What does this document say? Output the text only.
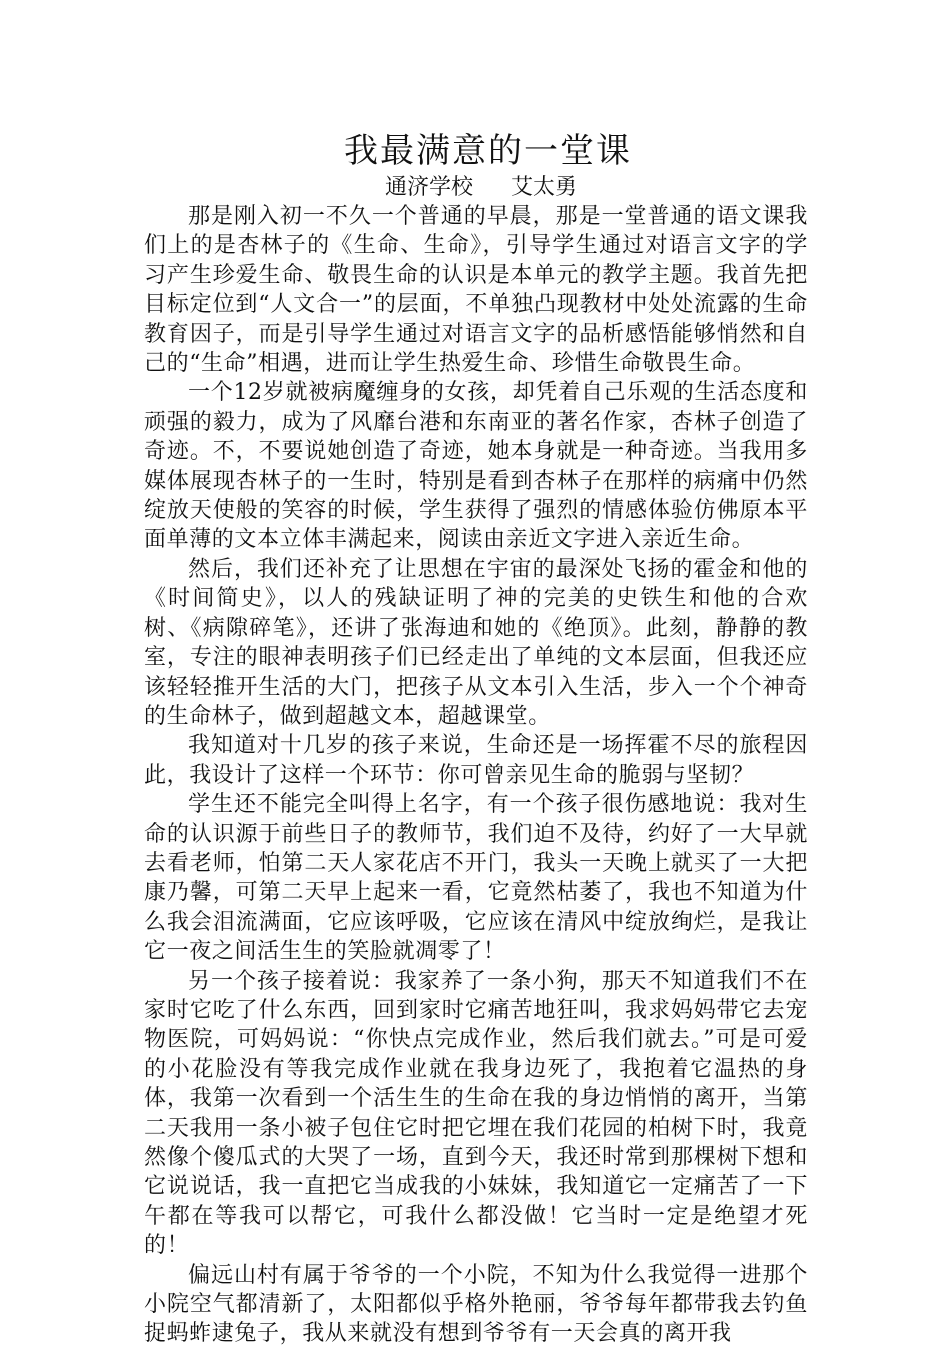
我最满意的一堂课

通济学校 艾太勇

那是刚入初一不久一个普通的早晨，那是一堂普通的语文课我们上的是杏林子的《生命、生命》，引导学生通过对语言文字的学习产生珍爱生命、敬畏生命的认识是本单元的教学主题。我首先把目标定位到“人文合一”的层面，不单独凸现教材中处处流露的生命教育因子，而是引导学生通过对语言文字的品析感悟能够悄然和自己的“生命”相遇，进而让学生热爱生命、珍惜生命敬畏生命。

一个12岁就被病魔缠身的女孩，却凭着自己乐观的生活态度和顽强的毅力，成为了风靡台港和东南亚的著名作家，杏林子创造了奇迹。不，不要说她创造了奇迹，她本身就是一种奇迹。当我用多媒体展现杏林子的一生时，特别是看到杏林子在那样的病痛中仍然绽放天使般的笑容的时候，学生获得了强烈的情感体验仿佛原本平面单薄的文本立体丰满起来，阅读由亲近文字进入亲近生命。

然后，我们还补充了让思想在宇宙的最深处飞扬的霍金和他的《时间简史》，以人的残缺证明了神的完美的史铁生和他的合欢树、《病隙碎笔》，还讲了张海迪和她的《绝顶》。此刻，静静的教室，专注的眼神表明孩子们已经走出了单纯的文本层面，但我还应该轻轻推开生活的大门，把孩子从文本引入生活，步入一个个神奇的生命林子，做到超越文本，超越课堂。

我知道对十几岁的孩子来说，生命还是一场挥霍不尽的旅程因此，我设计了这样一个环节：你可曾亲见生命的脆弱与坚韧？

学生还不能完全叫得上名字，有一个孩子很伤感地说：我对生命的认识源于前些日子的教师节，我们迫不及待，约好了一大早就去看老师，怕第二天人家花店不开门，我头一天晚上就买了一大把康乃馨，可第二天早上起来一看，它竟然枯萎了，我也不知道为什么我会泪流满面，它应该呼吸，它应该在清风中绽放绚烂，是我让它一夜之间活生生的笑脸就凋零了！

另一个孩子接着说：我家养了一条小狗，那天不知道我们不在家时它吃了什么东西，回到家时它痛苦地狂叫，我求妈妈带它去宠物医院，可妈妈说：“你快点完成作业，然后我们就去。”可是可爱的小花脸没有等我完成作业就在我身边死了，我抱着它温热的身体，我第一次看到一个活生生的生命在我的身边悄悄的离开，当第二天我用一条小被子包住它时把它埋在我们花园的柏树下时，我竟然像个傻瓜式的大哭了一场，直到今天，我还时常到那棵树下想和它说说话，我一直把它当成我的小妹妹，我知道它一定痛苦了一下午都在等我可以帮它，可我什么都没做！它当时一定是绝望才死的！

偏远山村有属于爷爷的一个小院，不知为什么我觉得一进那个小院空气都清新了，太阳都似乎格外艳丽，爷爷每年都带我去钓鱼捉蚂蚱逮兔子，我从来就没有想到爷爷有一天会真的离开我
